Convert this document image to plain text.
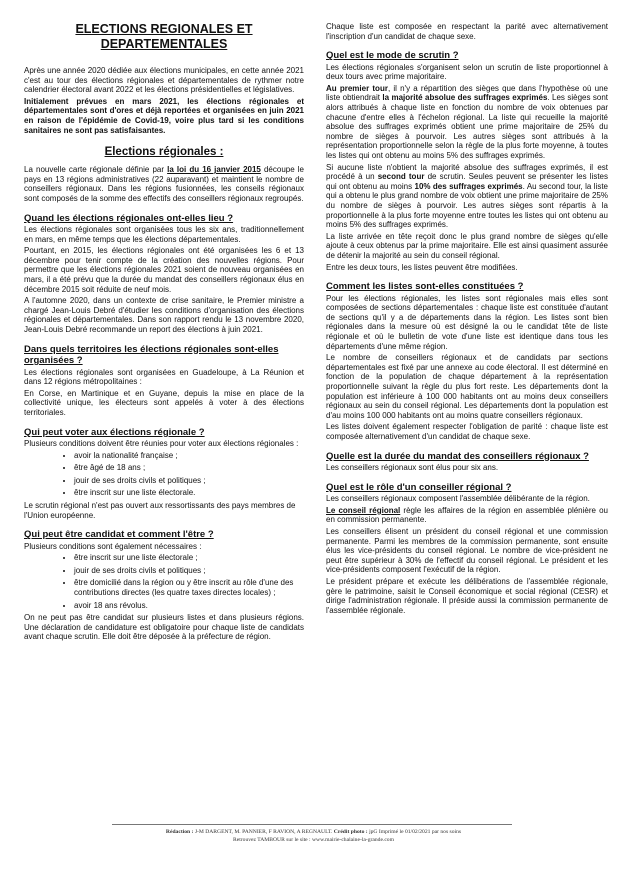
ELECTIONS REGIONALES ET DEPARTEMENTALES

Après une année 2020 dédiée aux élections municipales, en cette année 2021 c'est au tour des élections régionales et départementales de rythmer notre calendrier électoral avant 2022 et les élections présidentielles et législatives.

Initialement prévues en mars 2021, les élections régionales et départementales sont d'ores et déjà reportées et organisées en juin 2021 en raison de l'épidémie de Covid-19, voire plus tard si les conditions sanitaires ne sont pas satisfaisantes.

Elections régionales :

La nouvelle carte régionale définie par la loi du 16 janvier 2015 découpe le pays en 13 régions administratives (22 auparavant) et maintient le nombre de conseillers régionaux. Dans les régions fusionnées, les conseils régionaux sont composés de la somme des effectifs des conseillers régionaux regroupés.

Quand les élections régionales ont-elles lieu ?

Les élections régionales sont organisées tous les six ans, traditionnellement en mars, en même temps que les élections départementales.

Pourtant, en 2015, les élections régionales ont été organisées les 6 et 13 décembre pour tenir compte de la création des nouvelles régions. Pour permettre que les élections régionales 2021 soient de nouveau organisées en mars, il a été prévu que la durée du mandat des conseillers régionaux élus en décembre 2015 soit réduite de neuf mois.

A l'automne 2020, dans un contexte de crise sanitaire, le Premier ministre a chargé Jean-Louis Debré d'étudier les conditions d'organisation des élections régionales et départementales. Dans son rapport rendu le 13 novembre 2020, Jean-Louis Debré recommande un report des élections à juin 2021.

Dans quels territoires les élections régionales sont-elles organisées ?

Les élections régionales sont organisées en Guadeloupe, à La Réunion et dans 12 régions métropolitaines :

En Corse, en Martinique et en Guyane, depuis la mise en place de la collectivité unique, les électeurs sont appelés à voter à des élections territoriales.

Qui peut voter aux élections régionale ?

Plusieurs conditions doivent être réunies pour voter aux élections régionales :

• avoir la nationalité française ;
• être âgé de 18 ans ;
• jouir de ses droits civils et politiques ;
• être inscrit sur une liste électorale.

Le scrutin régional n'est pas ouvert aux ressortissants des pays membres de l'Union européenne.

Qui peut être candidat et comment l'être ?

Plusieurs conditions sont également nécessaires :

• être inscrit sur une liste électorale ;
• jouir de ses droits civils et politiques ;
• être domicilié dans la région ou y être inscrit au rôle d'une des contributions directes (les quatre taxes directes locales) ;
• avoir 18 ans révolus.

On ne peut pas être candidat sur plusieurs listes et dans plusieurs régions. Une déclaration de candidature est obligatoire pour chaque liste de candidats avant chaque scrutin. Elle doit être déposée à la préfecture de région.

Chaque liste est composée en respectant la parité avec alternativement l'inscription d'un candidat de chaque sexe.

Quel est le mode de scrutin ?

Les élections régionales s'organisent selon un scrutin de liste proportionnel à deux tours avec prime majoritaire.

Au premier tour, il n'y a répartition des sièges que dans l'hypothèse où une liste obtiendrait la majorité absolue des suffrages exprimés. Les sièges sont alors attribués à chaque liste en fonction du nombre de voix obtenues par chacune d'entre elles à l'échelon régional. La liste qui recueille la majorité absolue des suffrages exprimés obtient une prime majoritaire de 25% du nombre de sièges à pourvoir. Les autres sièges sont attribués à la représentation proportionnelle selon la règle de la plus forte moyenne, à toutes les listes qui ont obtenu au moins 5% des suffrages exprimés.

Si aucune liste n'obtient la majorité absolue des suffrages exprimés, il est procédé à un second tour de scrutin. Seules peuvent se présenter les listes qui ont obtenu au moins 10% des suffrages exprimés. Au second tour, la liste qui a obtenu le plus grand nombre de voix obtient une prime majoritaire de 25% du nombre de sièges à pourvoir. Les autres sièges sont répartis à la proportionnelle à la plus forte moyenne entre toutes les listes qui ont obtenu au moins 5% des suffrages exprimés.

La liste arrivée en tête reçoit donc le plus grand nombre de sièges qu'elle ajoute à ceux obtenus par la prime majoritaire. Elle est ainsi quasiment assurée de détenir la majorité au sein du conseil régional.

Entre les deux tours, les listes peuvent être modifiées.

Comment les listes sont-elles constituées ?

Pour les élections régionales, les listes sont régionales mais elles sont composées de sections départementales : chaque liste est constituée d'autant de sections qu'il y a de départements dans la région. Les listes sont bien régionales dans la mesure où est désigné la ou le candidat tête de liste régionale et où le bulletin de vote d'une liste est identique dans tous les départements d'une même région.

Le nombre de conseillers régionaux et de candidats par sections départementales est fixé par une annexe au code électoral. Il est déterminé en fonction de la population de chaque département à la représentation proportionnelle suivant la règle du plus fort reste. Les départements dont la population est inférieure à 100 000 habitants ont au moins deux conseillers régionaux au sein du conseil régional. Les départements dont la population est d'au moins 100 000 habitants ont au moins quatre conseillers régionaux.

Les listes doivent également respecter l'obligation de parité : chaque liste est composée alternativement d'un candidat de chaque sexe.

Quelle est la durée du mandat des conseillers régionaux ?

Les conseillers régionaux sont élus pour six ans.

Quel est le rôle d'un conseiller régional ?

Les conseillers régionaux composent l'assemblée délibérante de la région.

Le conseil régional règle les affaires de la région en assemblée plénière ou en commission permanente.

Les conseillers élisent un président du conseil régional et une commission permanente. Parmi les membres de la commission permanente, sont ensuite élus les vice-présidents du conseil régional. Le nombre de vice-président ne peut être supérieur à 30% de l'effectif du conseil régional. Le président et les vice-présidents composent l'exécutif de la région.

Le président prépare et exécute les délibérations de l'assemblée régionale, gère le patrimoine, saisit le Conseil économique et social régional (CESR) et dirige l'administration régionale. Il préside aussi la commission permanente de l'assemblée régionale.

Rédaction : J-M DARGENT, M. PANNIER, F RAVION, A REGNAULT. Crédit photo : jpG Imprimé le 01/02/2021 par nos soins
Retrouvez TAMBOUR sur le site : www.mairie-chalaine-la-grande.com
